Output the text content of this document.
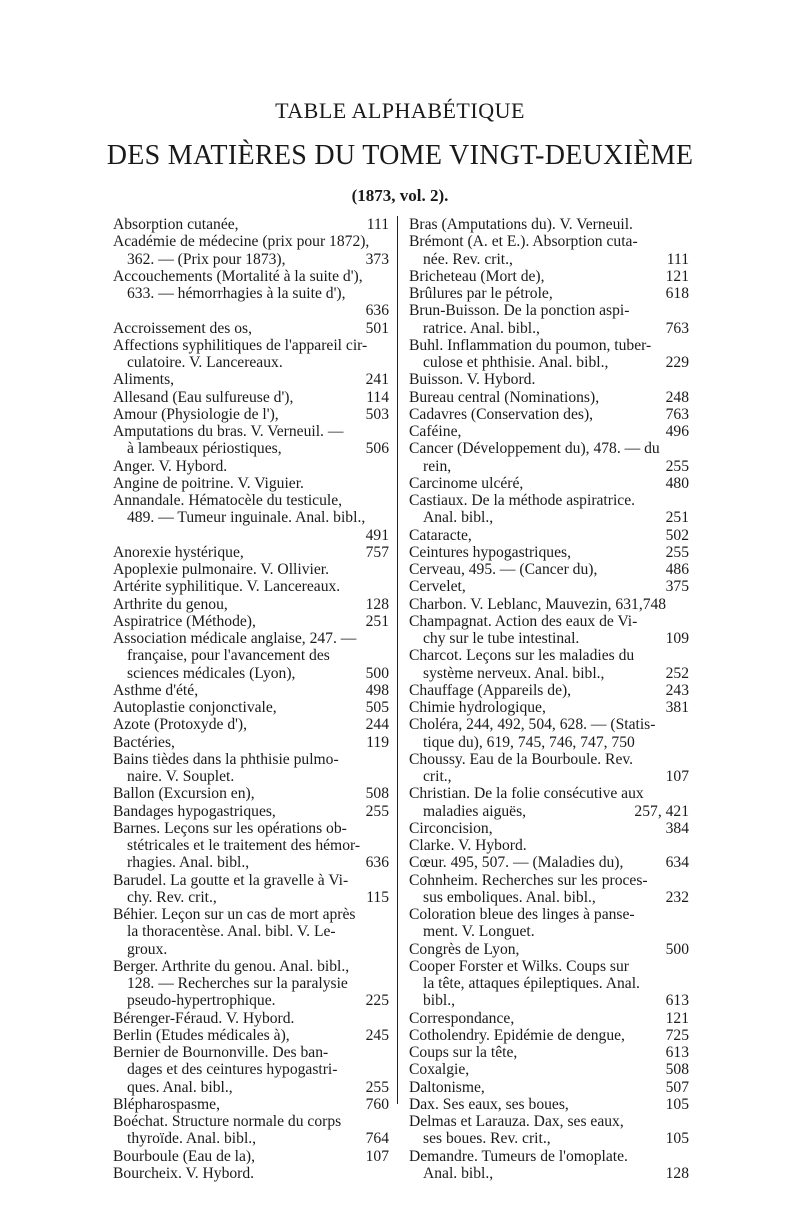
TABLE ALPHABÉTIQUE
DES MATIÈRES DU TOME VINGT-DEUXIÈME
(1873, vol. 2).
Absorption cutanée,	111
Académie de médecine (prix pour 1872),
362. — (Prix pour 1873),	373
Accouchements (Mortalité à la suite d'),
633. — hémorrhagies à la suite d'),
636
Accroissement des os,	501
Affections syphilitiques de l'appareil cir-
culatoire. V. Lancereaux.
Aliments,	241
Allesand (Eau sulfureuse d'),	114
Amour (Physiologie de l'),	503
Amputations du bras. V. Verneuil. —
à lambeaux périostiques,	506
Anger. V. Hybord.
Angine de poitrine. V. Viguier.
Annandale. Hématocèle du testicule,
489. — Tumeur inguinale. Anal. bibl.,
491
Anorexie hystérique,	757
Apoplexie pulmonaire. V. Ollivier.
Artérite syphilitique. V. Lancereaux.
Arthrite du genou,	128
Aspiratrice (Méthode),	251
Association médicale anglaise, 247. —
française, pour l'avancement des
sciences médicales (Lyon),	500
Asthme d'été,	498
Autoplastie conjonctivale,	505
Azote (Protoxyde d'),	244
Bactéries,	119
Bains tièdes dans la phthisie pulmo-
naire. V. Souplet.
Ballon (Excursion en),	508
Bandages hypogastriques,	255
Barnes. Leçons sur les opérations ob-
stétricales et le traitement des hémor-
rhagies. Anal. bibl.,	636
Barudel. La goutte et la gravelle à Vi-
chy. Rev. crit.,	115
Béhier. Leçon sur un cas de mort après
la thoracentèse. Anal. bibl. V. Le-
groux.
Berger. Arthrite du genou. Anal. bibl.,
128. — Recherches sur la paralysie
pseudo-hypertrophique.	225
Bérenger-Féraud. V. Hybord.
Berlin (Etudes médicales à),	245
Bernier de Bournonville. Des ban-
dages et des ceintures hypogastri-
ques. Anal. bibl.,	255
Blépharospasme,	760
Boéchat. Structure normale du corps
thyroïde. Anal. bibl.,	764
Bourboule (Eau de la),	107
Bourcheix. V. Hybord.
Bras (Amputations du). V. Verneuil.
Brémont (A. et E.). Absorption cuta-
née. Rev. crit.,	111
Bricheteau (Mort de),	121
Brûlures par le pétrole,	618
Brun-Buisson. De la ponction aspi-
ratrice. Anal. bibl.,	763
Buhl. Inflammation du poumon, tuber-
culose et phthisie. Anal. bibl.,	229
Buisson. V. Hybord.
Bureau central (Nominations),	248
Cadavres (Conservation des),	763
Caféine,	496
Cancer (Développement du), 478. — du
rein,	255
Carcinome ulcéré,	480
Castiaux. De la méthode aspiratrice.
Anal. bibl.,	251
Cataracte,	502
Ceintures hypogastriques,	255
Cerveau, 495. — (Cancer du),	486
Cervelet,	375
Charbon. V. Leblanc, Mauvezin, 631,748
Champagnat. Action des eaux de Vi-
chy sur le tube intestinal.	109
Charcot. Leçons sur les maladies du
système nerveux. Anal. bibl.,	252
Chauffage (Appareils de),	243
Chimie hydrologique,	381
Choléra, 244, 492, 504, 628. — (Statis-
tique du), 619, 745, 746, 747, 750
Choussy. Eau de la Bourboule. Rev.
crit.,	107
Christian. De la folie consécutive aux
maladies aiguës,	257, 421
Circoncision,	384
Clarke. V. Hybord.
Cœur. 495, 507. — (Maladies du),	634
Cohnheim. Recherches sur les proces-
sus emboliques. Anal. bibl.,	232
Coloration bleue des linges à panse-
ment. V. Longuet.
Congrès de Lyon,	500
Cooper Forster et Wilks. Coups sur
la tête, attaques épileptiques. Anal.
bibl.,	613
Correspondance,	121
Cotholendry. Epidémie de dengue,	725
Coups sur la tête,	613
Coxalgie,	508
Daltonisme,	507
Dax. Ses eaux, ses boues,	105
Delmas et Larauza. Dax, ses eaux,
ses boues. Rev. crit.,	105
Demandre. Tumeurs de l'omoplate.
Anal. bibl.,	128
